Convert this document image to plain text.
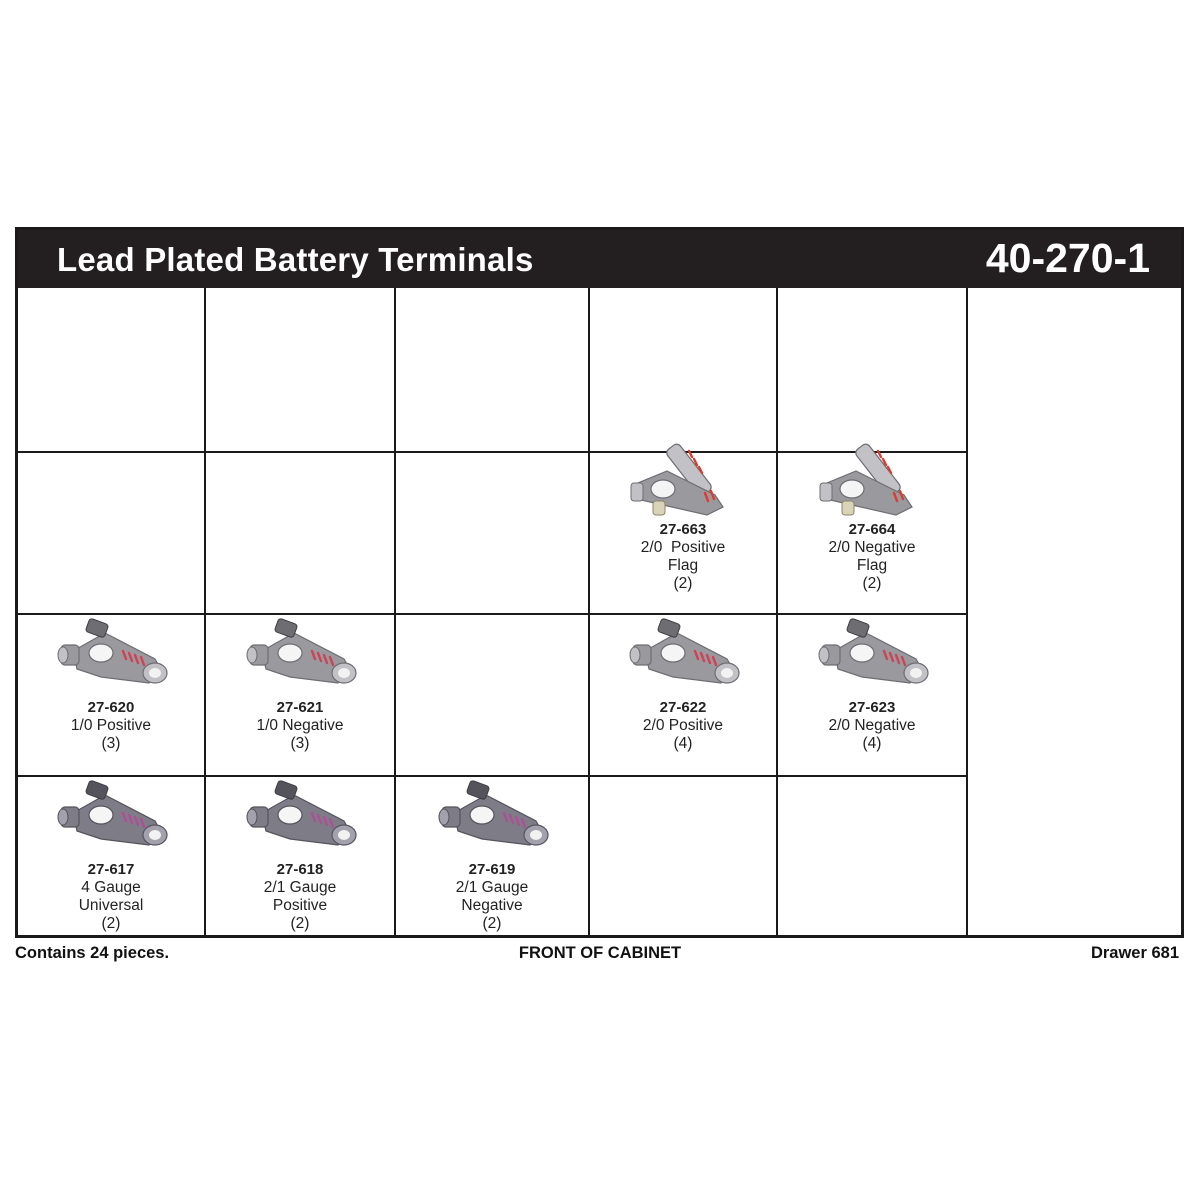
Lead Plated Battery Terminals	40-270-1
27-663
2/0  Positive
Flag
(2)
27-664
2/0 Negative
Flag
(2)
27-620
1/0 Positive
(3)
27-621
1/0 Negative
(3)
27-622
2/0 Positive
(4)
27-623
2/0 Negative
(4)
27-617
4 Gauge
Universal
(2)
27-618
2/1 Gauge
Positive
(2)
27-619
2/1 Gauge
Negative
(2)
Contains 24 pieces.	FRONT OF CABINET	Drawer 681
